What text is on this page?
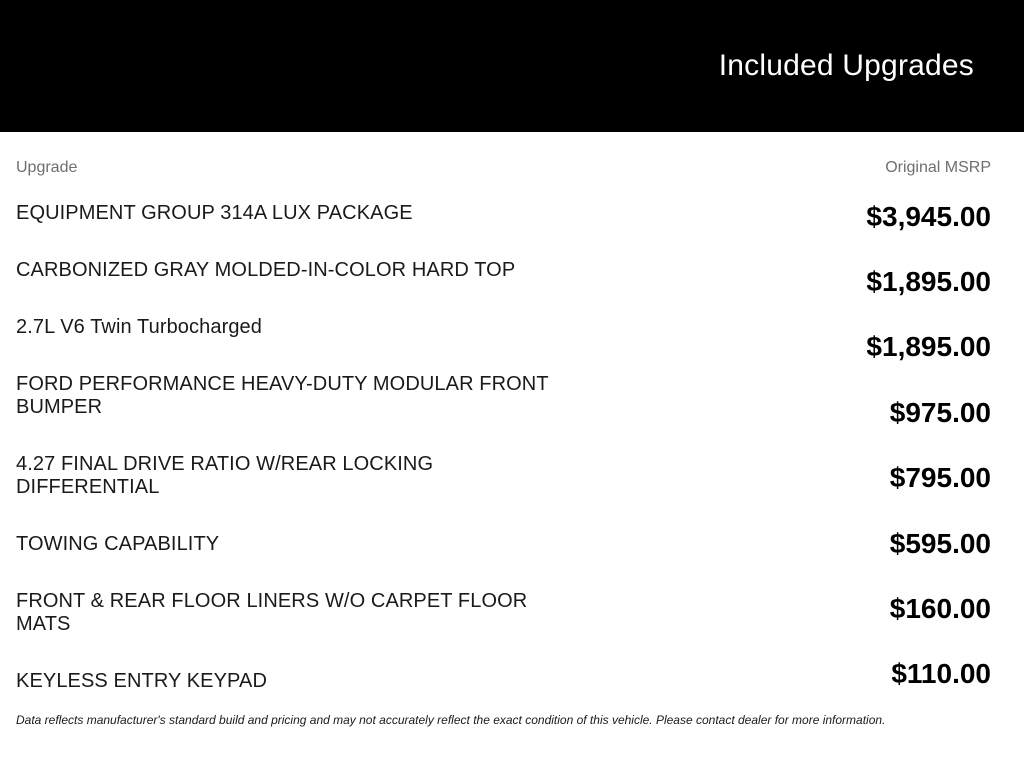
Included Upgrades
Upgrade	Original MSRP
EQUIPMENT GROUP 314A LUX PACKAGE
CARBONIZED GRAY MOLDED-IN-COLOR HARD TOP
2.7L V6 Twin Turbocharged
FORD PERFORMANCE HEAVY-DUTY MODULAR FRONT BUMPER
4.27 FINAL DRIVE RATIO W/REAR LOCKING DIFFERENTIAL
TOWING CAPABILITY
FRONT & REAR FLOOR LINERS W/O CARPET FLOOR MATS
KEYLESS ENTRY KEYPAD
$3,945.00
$1,895.00
$1,895.00
$975.00
$795.00
$595.00
$160.00
$110.00
Data reflects manufacturer's standard build and pricing and may not accurately reflect the exact condition of this vehicle. Please contact dealer for more information.
